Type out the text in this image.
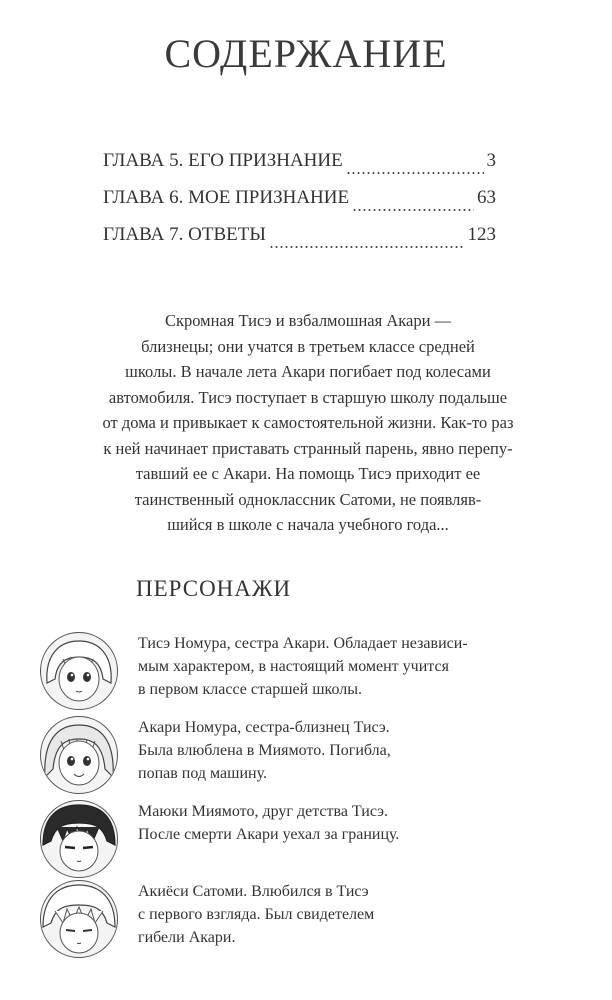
СОДЕРЖАНИЕ
ГЛАВА 5. ЕГО ПРИЗНАНИЕ	3
ГЛАВА 6. МОЕ ПРИЗНАНИЕ	63
ГЛАВА 7. ОТВЕТЫ	123

Скромная Тисэ и взбалмошная Акари —

близнецы; они учатся в третьем классе средней

школы. В начале лета Акари погибает под колесами

автомобиля. Тисэ поступает в старшую школу подальше

от дома и привыкает к самостоятельной жизни. Как-то раз

к ней начинает приставать странный парень, явно перепу-

тавший ее с Акари. На помощь Тисэ приходит ее

таинственный одноклассник Сатоми, не появляв-

шийся в школе с начала учебного года...

ПЕРСОНАЖИ

Тисэ Номура, сестра Акари. Обладает независи-

мым характером, в настоящий момент учится

в первом классе старшей школы.

Акари Номура, сестра-близнец Тисэ.

Была влюблена в Миямото. Погибла,

попав под машину.

Маюки Миямото, друг детства Тисэ.

После смерти Акари уехал за границу.

Акиёси Сатоми. Влюбился в Тисэ

с первого взгляда. Был свидетелем

гибели Акари.
